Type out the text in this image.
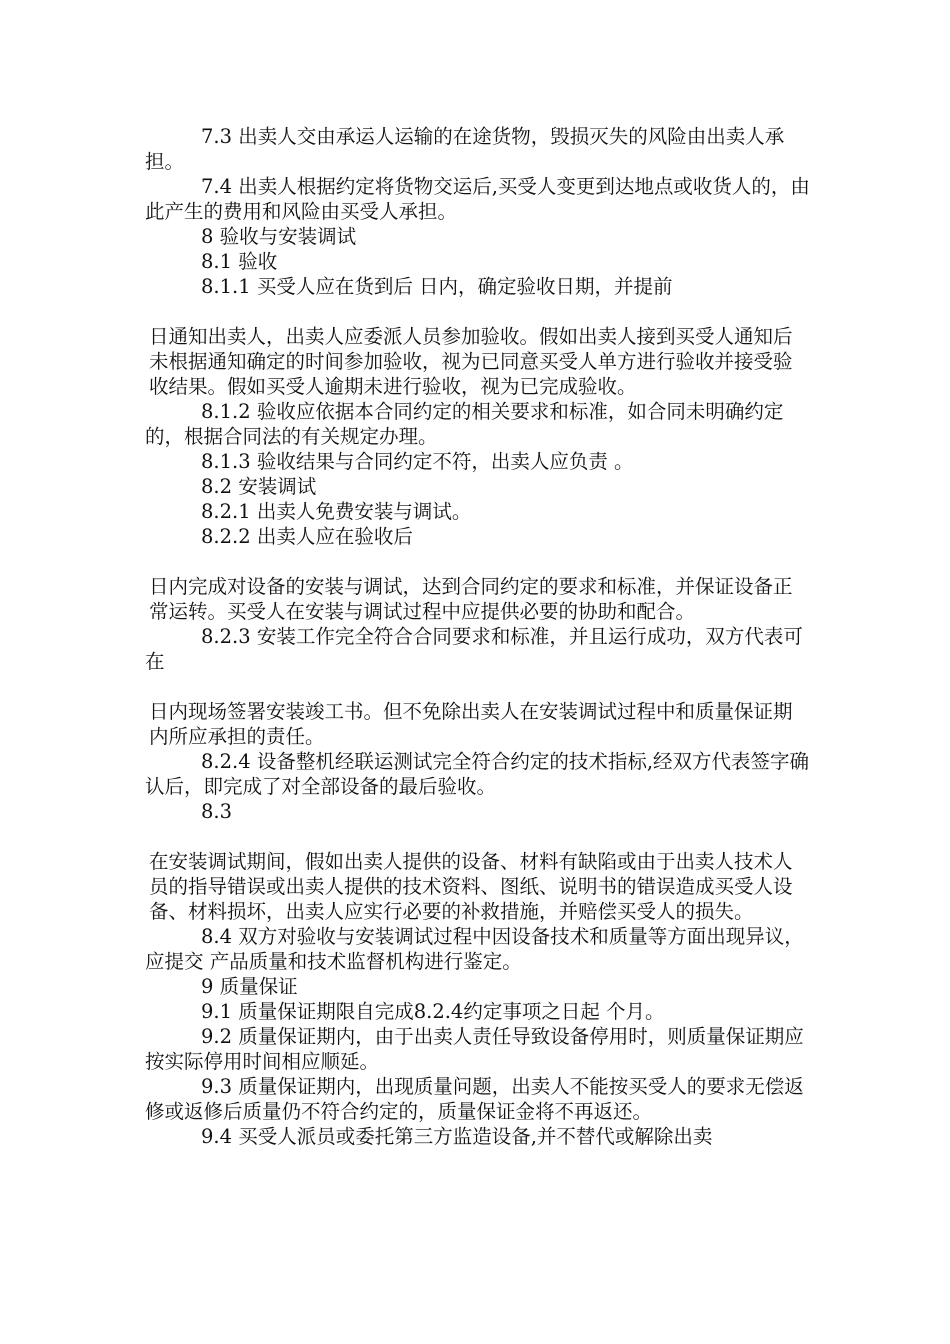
7.3 出卖人交由承运人运输的在途货物，毁损灭失的风险由出卖人承担。

7.4 出卖人根据约定将货物交运后,买受人变更到达地点或收货人的，由此产生的费用和风险由买受人承担。

8 验收与安装调试

8.1 验收

8.1.1 买受人应在货到后 日内，确定验收日期，并提前

日通知出卖人，出卖人应委派人员参加验收。假如出卖人接到买受人通知后未根据通知确定的时间参加验收，视为已同意买受人单方进行验收并接受验收结果。假如买受人逾期未进行验收，视为已完成验收。

8.1.2 验收应依据本合同约定的相关要求和标准，如合同未明确约定的，根据合同法的有关规定办理。

8.1.3 验收结果与合同约定不符，出卖人应负责 。

8.2 安装调试

8.2.1 出卖人免费安装与调试。

8.2.2 出卖人应在验收后

日内完成对设备的安装与调试，达到合同约定的要求和标准，并保证设备正常运转。买受人在安装与调试过程中应提供必要的协助和配合。

8.2.3 安装工作完全符合合同要求和标准，并且运行成功，双方代表可在

日内现场签署安装竣工书。但不免除出卖人在安装调试过程中和质量保证期内所应承担的责任。

8.2.4 设备整机经联运测试完全符合约定的技术指标,经双方代表签字确认后，即完成了对全部设备的最后验收。

8.3

在安装调试期间，假如出卖人提供的设备、材料有缺陷或由于出卖人技术人员的指导错误或出卖人提供的技术资料、图纸、说明书的错误造成买受人设备、材料损坏，出卖人应实行必要的补救措施，并赔偿买受人的损失。

8.4 双方对验收与安装调试过程中因设备技术和质量等方面出现异议，应提交 产品质量和技术监督机构进行鉴定。

9 质量保证

9.1 质量保证期限自完成8.2.4约定事项之日起 个月。

9.2 质量保证期内，由于出卖人责任导致设备停用时，则质量保证期应按实际停用时间相应顺延。

9.3 质量保证期内，出现质量问题，出卖人不能按买受人的要求无偿返修或返修后质量仍不符合约定的，质量保证金将不再返还。

9.4 买受人派员或委托第三方监造设备,并不替代或解除出卖
